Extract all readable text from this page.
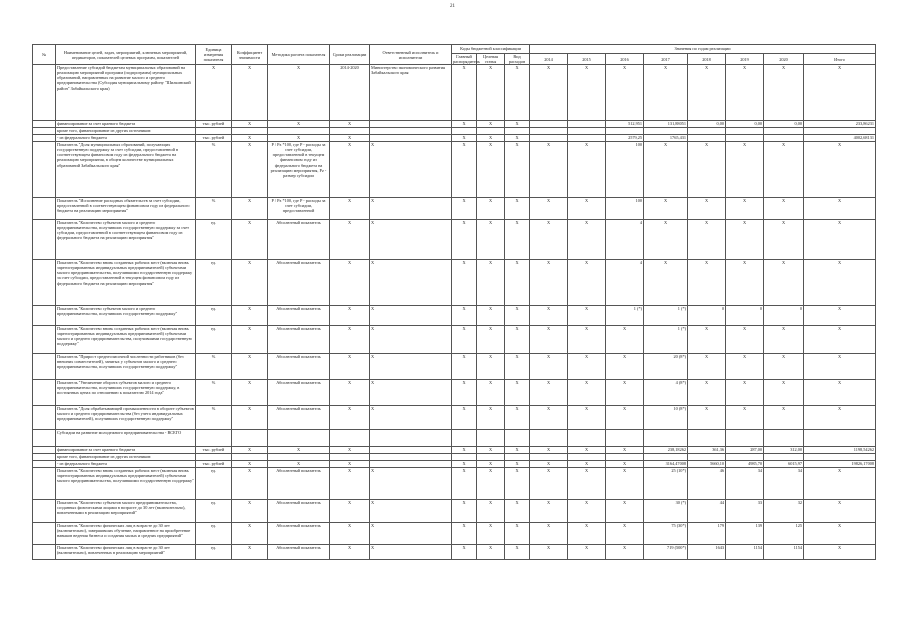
21
№	Наименование целей, задач, мероприятий, ключевых мероприятий, индикаторов, показателей целевых программ, показателей	Единица измерения показателя	Коэффициент значимости	Методика расчета показателя	Сроки реализации	Ответственный исполнитель и исполнители	Коды бюджетной классификации			Значения по годам реализации							
							Главный распорядитель	Целевая статья	Вид расходов	2014	2015	2016	2017	2018	2019	2020	Итого
	Предоставление субсидий бюджетам муниципальных образований на реализацию мероприятий программ (подпрограмм) муниципальных образований, направленных на развитие малого и среднего предпринимательства (Субсидия муниципальному району "Шилкинский район" Забайкальского края)	X	X	X	2014-2020	Министерство экономического развития Забайкальского края	X	X	X	X	X	X	X	X	X	X	X
	финансирование за счет краевого бюджета	тыс. рублей	X	X	X		X	X	X			512,951	131,88051	0,00	0,00	0,00	233,86231
	кроме того, финансирование из других источников:																
	- из федерального бюджета	тыс. рублей	X	X	X		X	X	X			2579,25	1765,431				4002,68131
	Показатель "Доля муниципальных образований, получающих государственную поддержку за счет субсидии, предоставленной в соответствующем финансовом году из федерального бюджета на реализацию мероприятия, в общем количестве муниципальных образований Забайкальского края"	%	X	P / Pz *100, где P - расходы за счет субсидии, предоставленной в текущем финансовом году из федерального бюджета на реализацию мероприятия, Pz - размер субсидии	X	X	X	X	X	X	X	100	X	X	X	X	X
	Показатель "Исполнение расходных обязательств за счет субсидии, предоставленной в соответствующем финансовом году из федерального бюджета на реализацию мероприятия"	%	X	P / Pz *100, где P - расходы за счет субсидии, предоставленной	X	X	X	X	X	X	X	100	X	X	X	X	X
	Показатель "Количество субъектов малого и среднего предпринимательства, получивших государственную поддержку за счет субсидии, предоставленной в соответствующем финансовом году из федерального бюджета на реализацию мероприятия"	ед.	X	Абсолютный показатель	X	X	X	X	X	X	X	4	X	X	X	X	X
	Показатель "Количество вновь созданных рабочих мест (включая вновь зарегистрированных индивидуальных предпринимателей) субъектами малого предпринимательства, получившими государственную поддержку за счет субсидии, предоставленной в текущем финансовом году из федерального бюджета на реализацию мероприятия"	ед.	X	Абсолютный показатель	X	X	X	X	X	X	X	4	X	X	X	X	X
	Показатель "Количество субъектов малого и среднего предпринимательства, получивших государственную поддержку"	ед.	X	Абсолютный показатель	X	X	X	X	X	X	X	1 (*)	1 (*)	0	0	0	X
	Показатель "Количество вновь созданных рабочих мест (включая вновь зарегистрированных индивидуальных предпринимателей) субъектами малого и среднего предпринимательства, получившими государственную поддержку"	ед.	X	Абсолютный показатель	X	X	X	X	X	X	X	X	1 (*)	X	X	X	X
	Показатель "Прирост среднесписочной численности работников (без внешних совместителей), занятых у субъектов малого и среднего предпринимательства, получивших государственную поддержку"	%	X	Абсолютный показатель	X	X	X	X	X	X	X	X	20 (8*)	X	X	X	X
	Показатель "Увеличение оборота субъектов малого и среднего предпринимательства, получивших государственную поддержку, в постоянных ценах по отношению к показателю 2014 года"	%	X	Абсолютный показатель	X	X	X	X	X	X	X	X	4 (8*)	X	X	X	X
	Показатель "Доля обрабатывающей промышленности в обороте субъектов малого и среднего предпринимательства (без учета индивидуальных предпринимателей), получивших государственную поддержку"	%	X	Абсолютный показатель	X	X	X	X	X	X	X	X	10 (8*)	X	X	X	X
	Субсидии на развитие молодежного предпринимательства - ВСЕГО																
	финансирование за счет краевого бюджета	тыс. рублей	X	X	X		X	X	X	X	X	X	238,18262	361,36	287,00	312,00	1198,54262
	кроме того, финансирование из других источников:																
	- из федерального бюджета	тыс. рублей	X	X	X		X	X	X	X	X	X	3164,47008	5660,10	4985,70	6015,97	19826,17008
	Показатель "Количество вновь созданных рабочих мест (включая вновь зарегистрированных индивидуальных предпринимателей) субъектами малого предпринимательства, получившими государственную поддержку"	ед.	X	Абсолютный показатель	X	X	X	X	X	X	X	X	25 (10*)	46	34	34	X
	Показатель "Количество субъектов малого предпринимательства, созданных физическими лицами в возрасте до 30 лет (включительно), вовлеченными в реализацию мероприятий"	ед.	X	Абсолютный показатель	X	X	X	X	X	X	X	X	30 (*)	44	33	32	X
	Показатель "Количество физических лиц в возрасте до 30 лет (включительно), завершивших обучение, направленное на приобретение навыков ведения бизнеса и создания малых и средних предприятий"	ед.	X	Абсолютный показатель	X	X	X	X	X	X	X	X	75 (30*)	179	139	125	X
	Показатель "Количество физических лиц в возрасте до 30 лет (включительно), вовлеченных в реализацию мероприятий"	ед.	X	Абсолютный показатель	X	X	X	X	X	X	X	X	719 (500*)	1643	1154	1154	X
